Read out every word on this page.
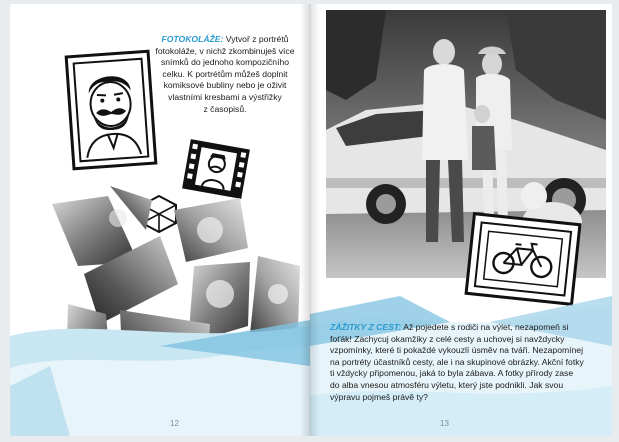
FOTOKOLÁŽE: Vytvoř z portrétů
fotokoláže, v nichž zkombinuješ více
snímků do jednoho kompozičního
celku. K portrétům můžeš doplnit
komiksové bubliny nebo je oživit
vlastními kresbami a výstřižky
z časopisů.
12
ZÁŽITKY Z CEST: Až pojedete s rodiči na výlet, nezapomeň si
foťák! Zachycuj okamžiky z celé cesty a uchovej si navždycky
vzpomínky, které ti pokaždé vykouzlí úsměv na tváři. Nezapomínej
na portréty účastníků cesty, ale i na skupinové obrázky. Akční fotky
ti vždycky připomenou, jaká to byla zábava. A fotky přírody zase
do alba vnesou atmosféru výletu, který jste podnikli. Jak svou
výpravu pojmeš právě ty?
13
